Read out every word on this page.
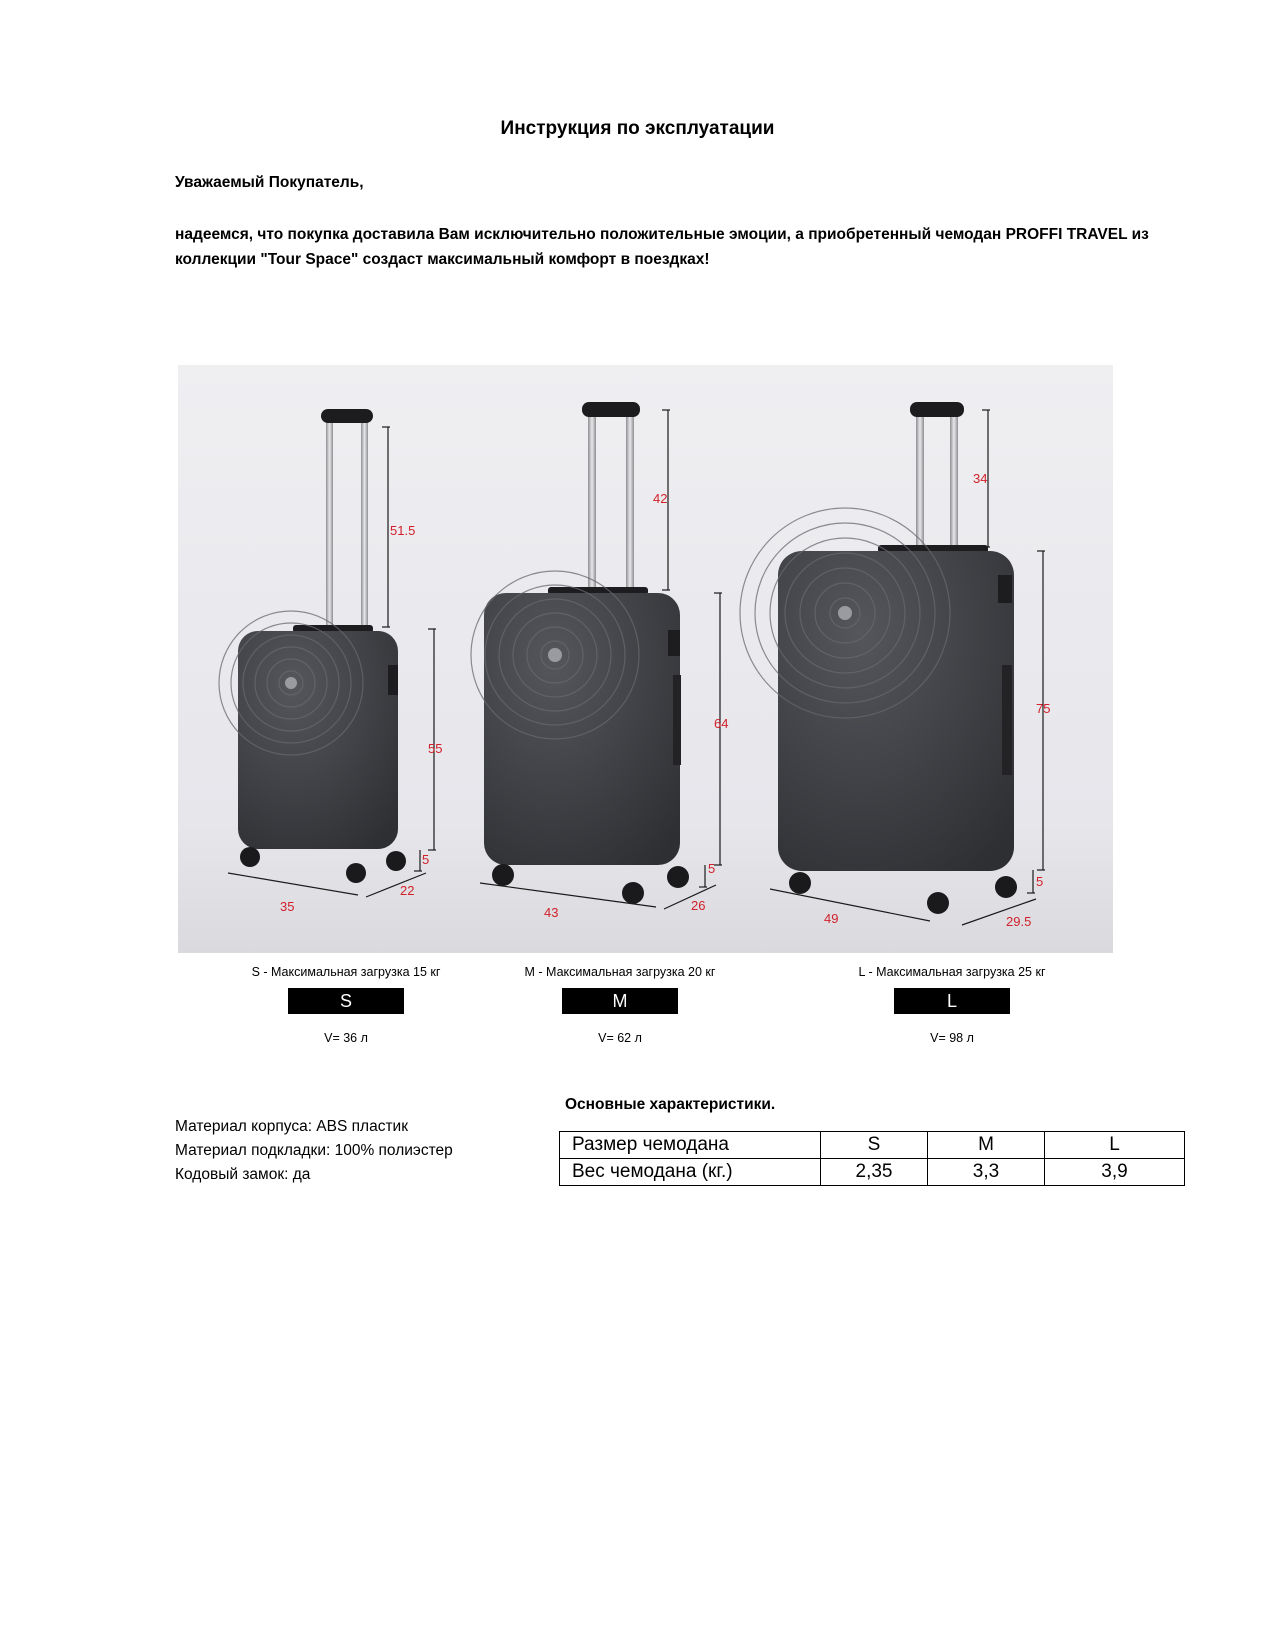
Инструкция по эксплуатации
Уважаемый Покупатель,
надеемся, что покупка доставила Вам исключительно положительные эмоции, а приобретенный чемодан PROFFI TRAVEL из коллекции "Tour Space" создаст максимальный комфорт в поездках!
51.5
55
5
35
22
42
64
5
43	26
34
75
5
49	29.5
S - Максимальная загрузка 15 кг
S
V= 36 л
M - Максимальная загрузка 20 кг
M
V= 62 л
L - Максимальная загрузка 25 кг
L
V= 98 л
Основные характеристики.
Материал корпуса: ABS пластик
Материал подкладки: 100% полиэстер
Кодовый замок: да
Размер чемодана	S	M	L
Вес чемодана (кг.)	2,35	3,3	3,9
